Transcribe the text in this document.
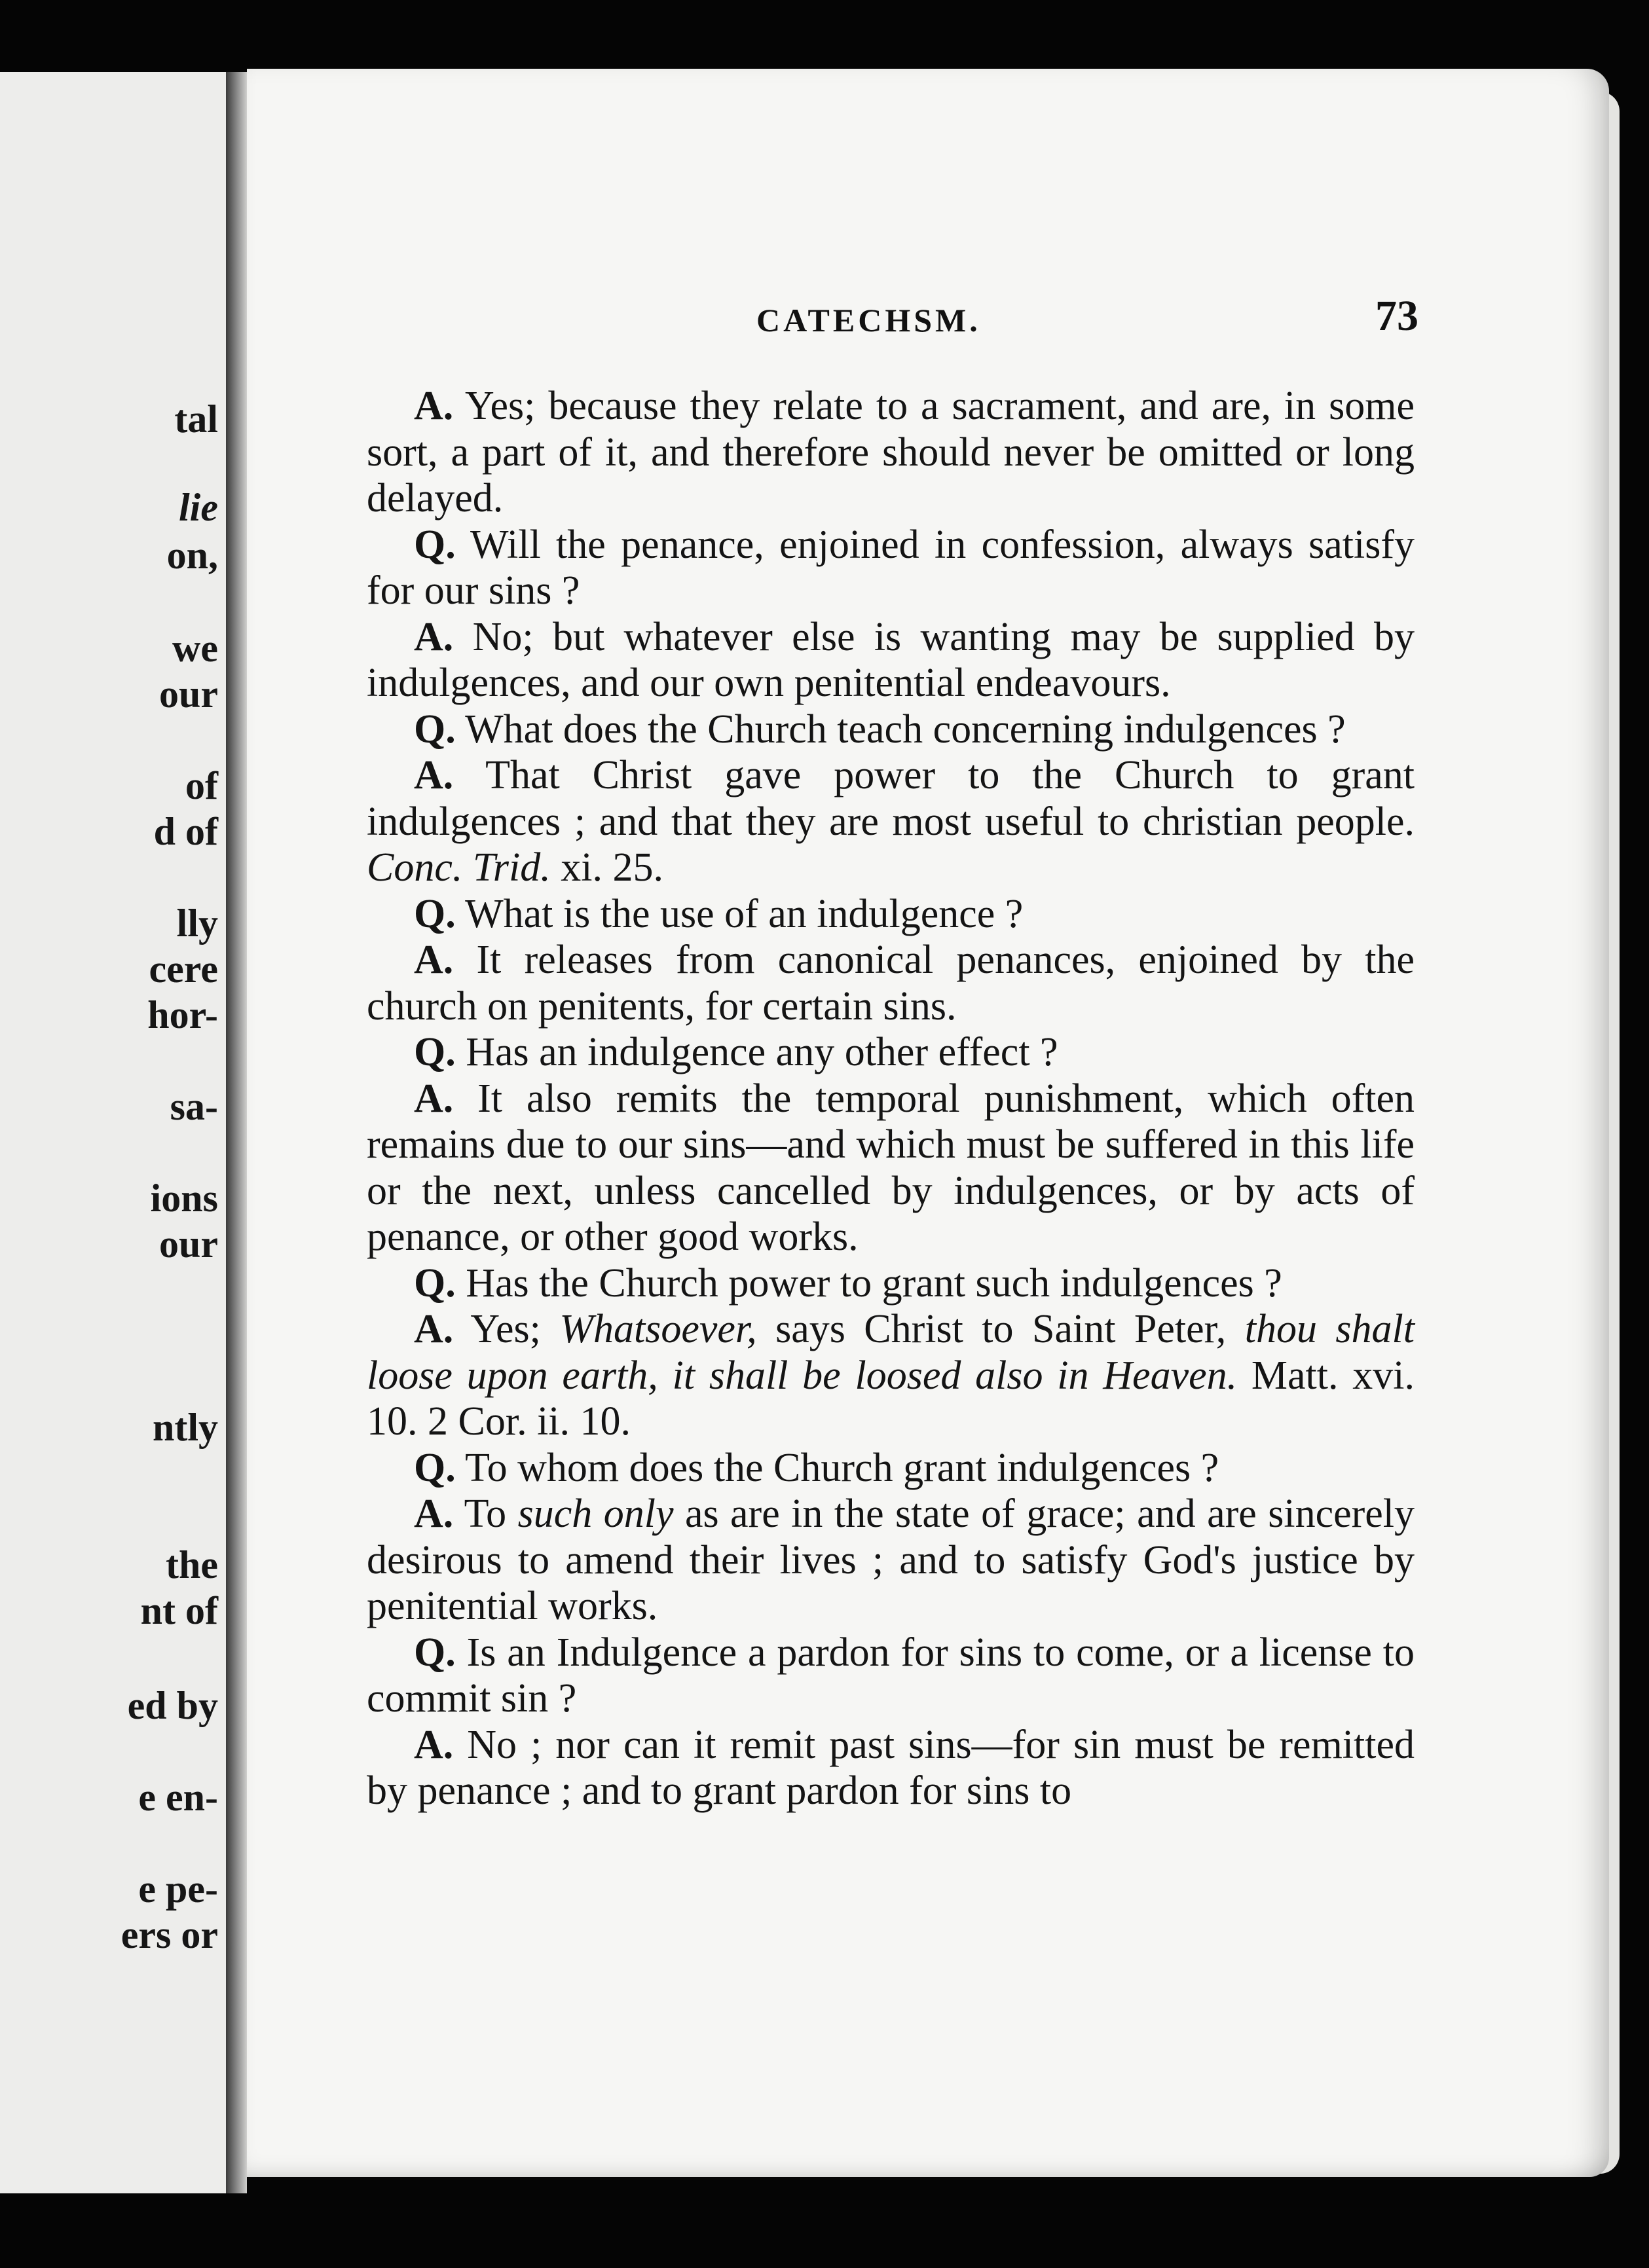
tal
lie
on,
we
our
of
d of
lly
cere
hor-
sa-
ions
our
ntly
the
nt of
ed by
e en-
e pe-
ers or
CATECHSM.	73

A. Yes; because they relate to a sacrament, and are, in some sort, a part of it, and therefore should never be omitted or long delayed.

Q. Will the penance, enjoined in confession, always satisfy for our sins ?

A. No; but whatever else is wanting may be supplied by indulgences, and our own penitential endeavours.

Q. What does the Church teach concerning indulgences ?

A. That Christ gave power to the Church to grant indulgences ; and that they are most useful to christian people. Conc. Trid. xi. 25.

Q. What is the use of an indulgence ?

A. It releases from canonical penances, enjoined by the church on penitents, for certain sins.

Q. Has an indulgence any other effect ?

A. It also remits the temporal punishment, which often remains due to our sins—and which must be suffered in this life or the next, unless cancelled by indulgences, or by acts of penance, or other good works.

Q. Has the Church power to grant such indulgences ?

A. Yes; Whatsoever, says Christ to Saint Peter, thou shalt loose upon earth, it shall be loosed also in Heaven. Matt. xvi. 10. 2 Cor. ii. 10.

Q. To whom does the Church grant indulgences ?

A. To such only as are in the state of grace; and are sincerely desirous to amend their lives ; and to satisfy God's justice by penitential works.

Q. Is an Indulgence a pardon for sins to come, or a license to commit sin ?

A. No ; nor can it remit past sins—for sin must be remitted by penance ; and to grant pardon for sins to
